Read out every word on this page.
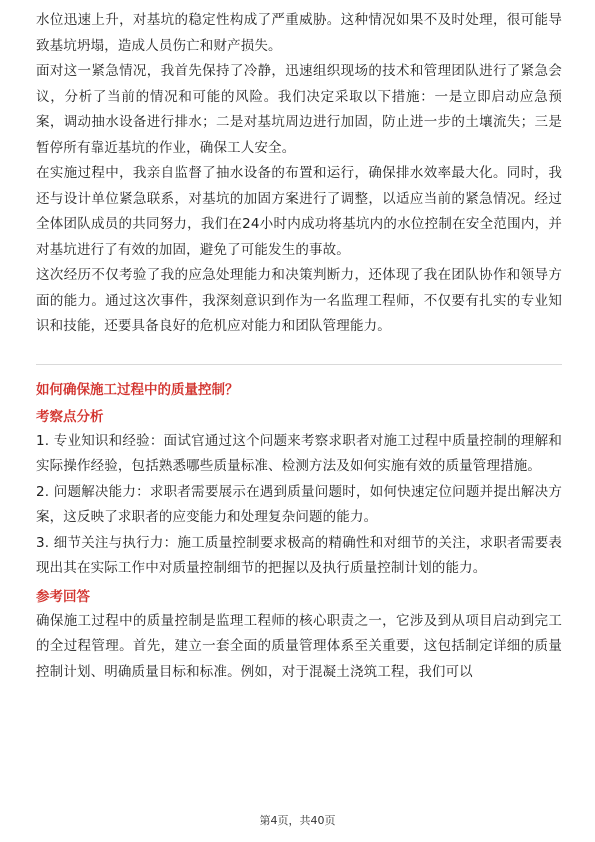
水位迅速上升，对基坑的稳定性构成了严重威胁。这种情况如果不及时处理，很可能导致基坑坍塌，造成人员伤亡和财产损失。

面对这一紧急情况，我首先保持了冷静，迅速组织现场的技术和管理团队进行了紧急会议，分析了当前的情况和可能的风险。我们决定采取以下措施：一是立即启动应急预案，调动抽水设备进行排水；二是对基坑周边进行加固，防止进一步的土壤流失；三是暂停所有靠近基坑的作业，确保工人安全。

在实施过程中，我亲自监督了抽水设备的布置和运行，确保排水效率最大化。同时，我还与设计单位紧急联系，对基坑的加固方案进行了调整，以适应当前的紧急情况。经过全体团队成员的共同努力，我们在24小时内成功将基坑内的水位控制在安全范围内，并对基坑进行了有效的加固，避免了可能发生的事故。

这次经历不仅考验了我的应急处理能力和决策判断力，还体现了我在团队协作和领导方面的能力。通过这次事件，我深刻意识到作为一名监理工程师，不仅要有扎实的专业知识和技能，还要具备良好的危机应对能力和团队管理能力。

如何确保施工过程中的质量控制？
考察点分析

1. 专业知识和经验：面试官通过这个问题来考察求职者对施工过程中质量控制的理解和实际操作经验，包括熟悉哪些质量标准、检测方法及如何实施有效的质量管理措施。

2. 问题解决能力：求职者需要展示在遇到质量问题时，如何快速定位问题并提出解决方案，这反映了求职者的应变能力和处理复杂问题的能力。

3. 细节关注与执行力：施工质量控制要求极高的精确性和对细节的关注，求职者需要表现出其在实际工作中对质量控制细节的把握以及执行质量控制计划的能力。

参考回答

确保施工过程中的质量控制是监理工程师的核心职责之一，它涉及到从项目启动到完工的全过程管理。首先，建立一套全面的质量管理体系至关重要，这包括制定详细的质量控制计划、明确质量目标和标准。例如，对于混凝土浇筑工程，我们可以

第4页，共40页
